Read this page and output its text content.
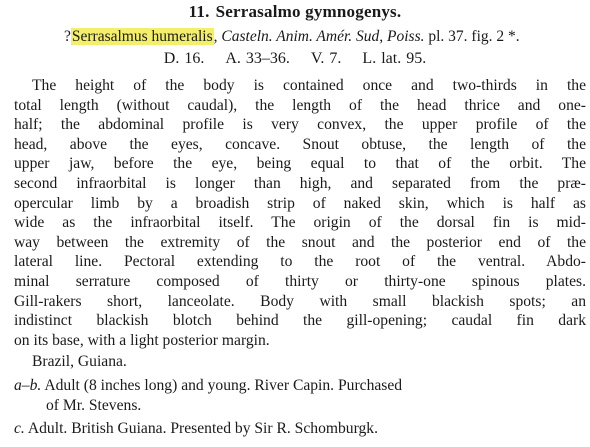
11. Serrasalmo gymnogenys.
?Serrasalmus humeralis, Casteln. Anim. Amér. Sud, Poiss. pl. 37. fig. 2 *.
D. 16. A. 33–36. V. 7. L. lat. 95.
The height of the body is contained once and two-thirds in the
total length (without caudal), the length of the head thrice and one-
half; the abdominal profile is very convex, the upper profile of the
head, above the eyes, concave. Snout obtuse, the length of the
upper jaw, before the eye, being equal to that of the orbit. The
second infraorbital is longer than high, and separated from the præ-
opercular limb by a broadish strip of naked skin, which is half as
wide as the infraorbital itself. The origin of the dorsal fin is mid-
way between the extremity of the snout and the posterior end of the
lateral line. Pectoral extending to the root of the ventral. Abdo-
minal serrature composed of thirty or thirty-one spinous plates.
Gill-rakers short, lanceolate. Body with small blackish spots; an
indistinct blackish blotch behind the gill-opening; caudal fin dark
on its base, with a light posterior margin.
Brazil, Guiana.
a–b. Adult (8 inches long) and young. River Capin. Purchased
of Mr. Stevens.
c. Adult. British Guiana. Presented by Sir R. Schomburgk.
